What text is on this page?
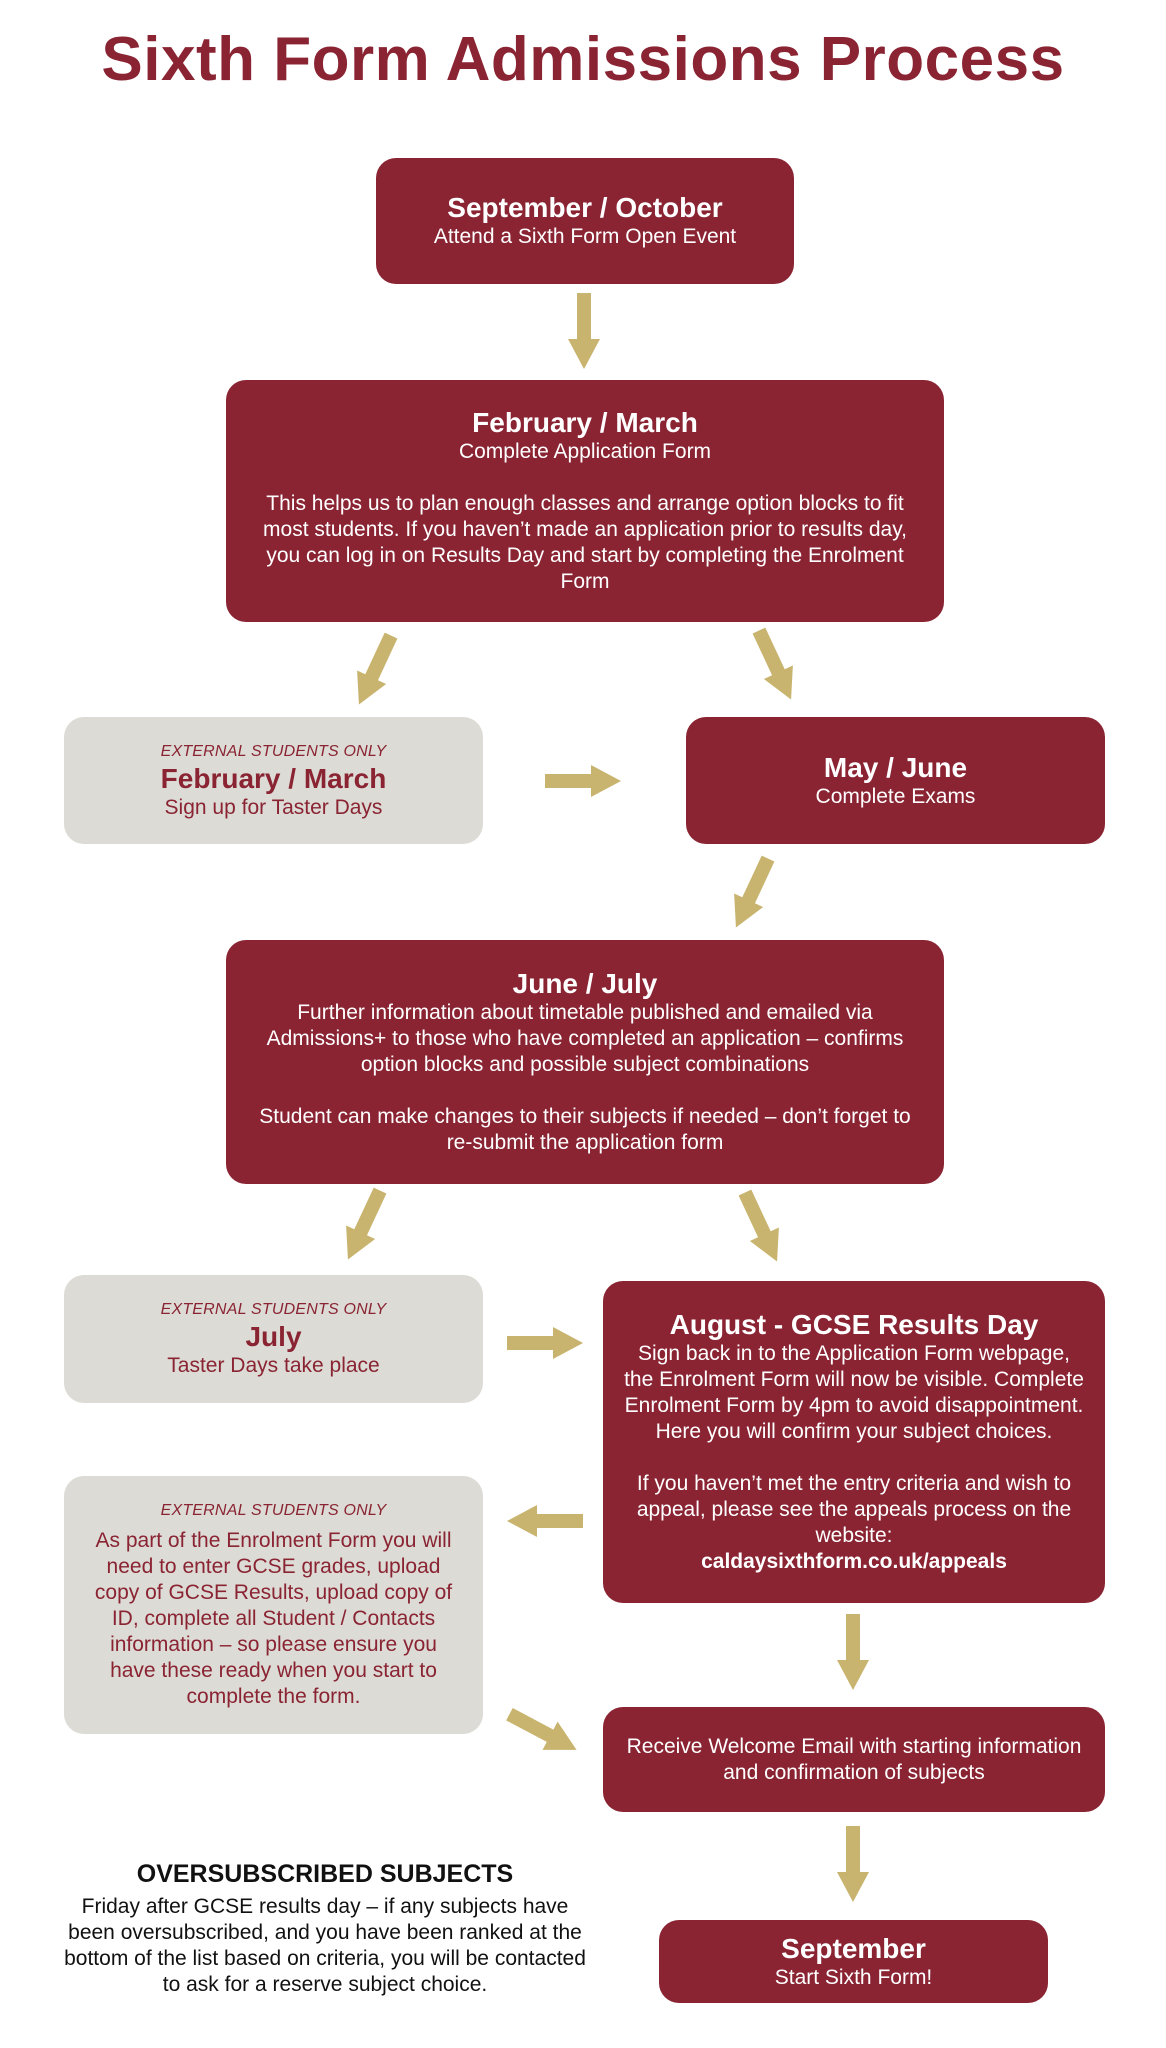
Sixth Form Admissions Process
September / October
Attend a Sixth Form Open Event
February / March
Complete Application Form
This helps us to plan enough classes and arrange option blocks to fit most students. If you haven’t made an application prior to results day, you can log in on Results Day and start by completing the Enrolment Form
EXTERNAL STUDENTS ONLY
February / March
Sign up for Taster Days
May / June
Complete Exams
June / July
Further information about timetable published and emailed via Admissions+ to those who have completed an application – confirms option blocks and possible subject combinations
Student can make changes to their subjects if needed – don’t forget to re-submit the application form
EXTERNAL STUDENTS ONLY
July
Taster Days take place
August - GCSE Results Day
Sign back in to the Application Form webpage, the Enrolment Form will now be visible. Complete Enrolment Form by 4pm to avoid disappointment. Here you will confirm your subject choices.
If you haven’t met the entry criteria and wish to appeal, please see the appeals process on the website:
caldaysixthform.co.uk/appeals
EXTERNAL STUDENTS ONLY
As part of the Enrolment Form you will need to enter GCSE grades, upload copy of GCSE Results, upload copy of ID, complete all Student / Contacts information – so please ensure you have these ready when you start to complete the form.
Receive Welcome Email with starting information and confirmation of subjects
September
Start Sixth Form!
OVERSUBSCRIBED SUBJECTS
Friday after GCSE results day – if any subjects have been oversubscribed, and you have been ranked at the bottom of the list based on criteria, you will be contacted to ask for a reserve subject choice.
